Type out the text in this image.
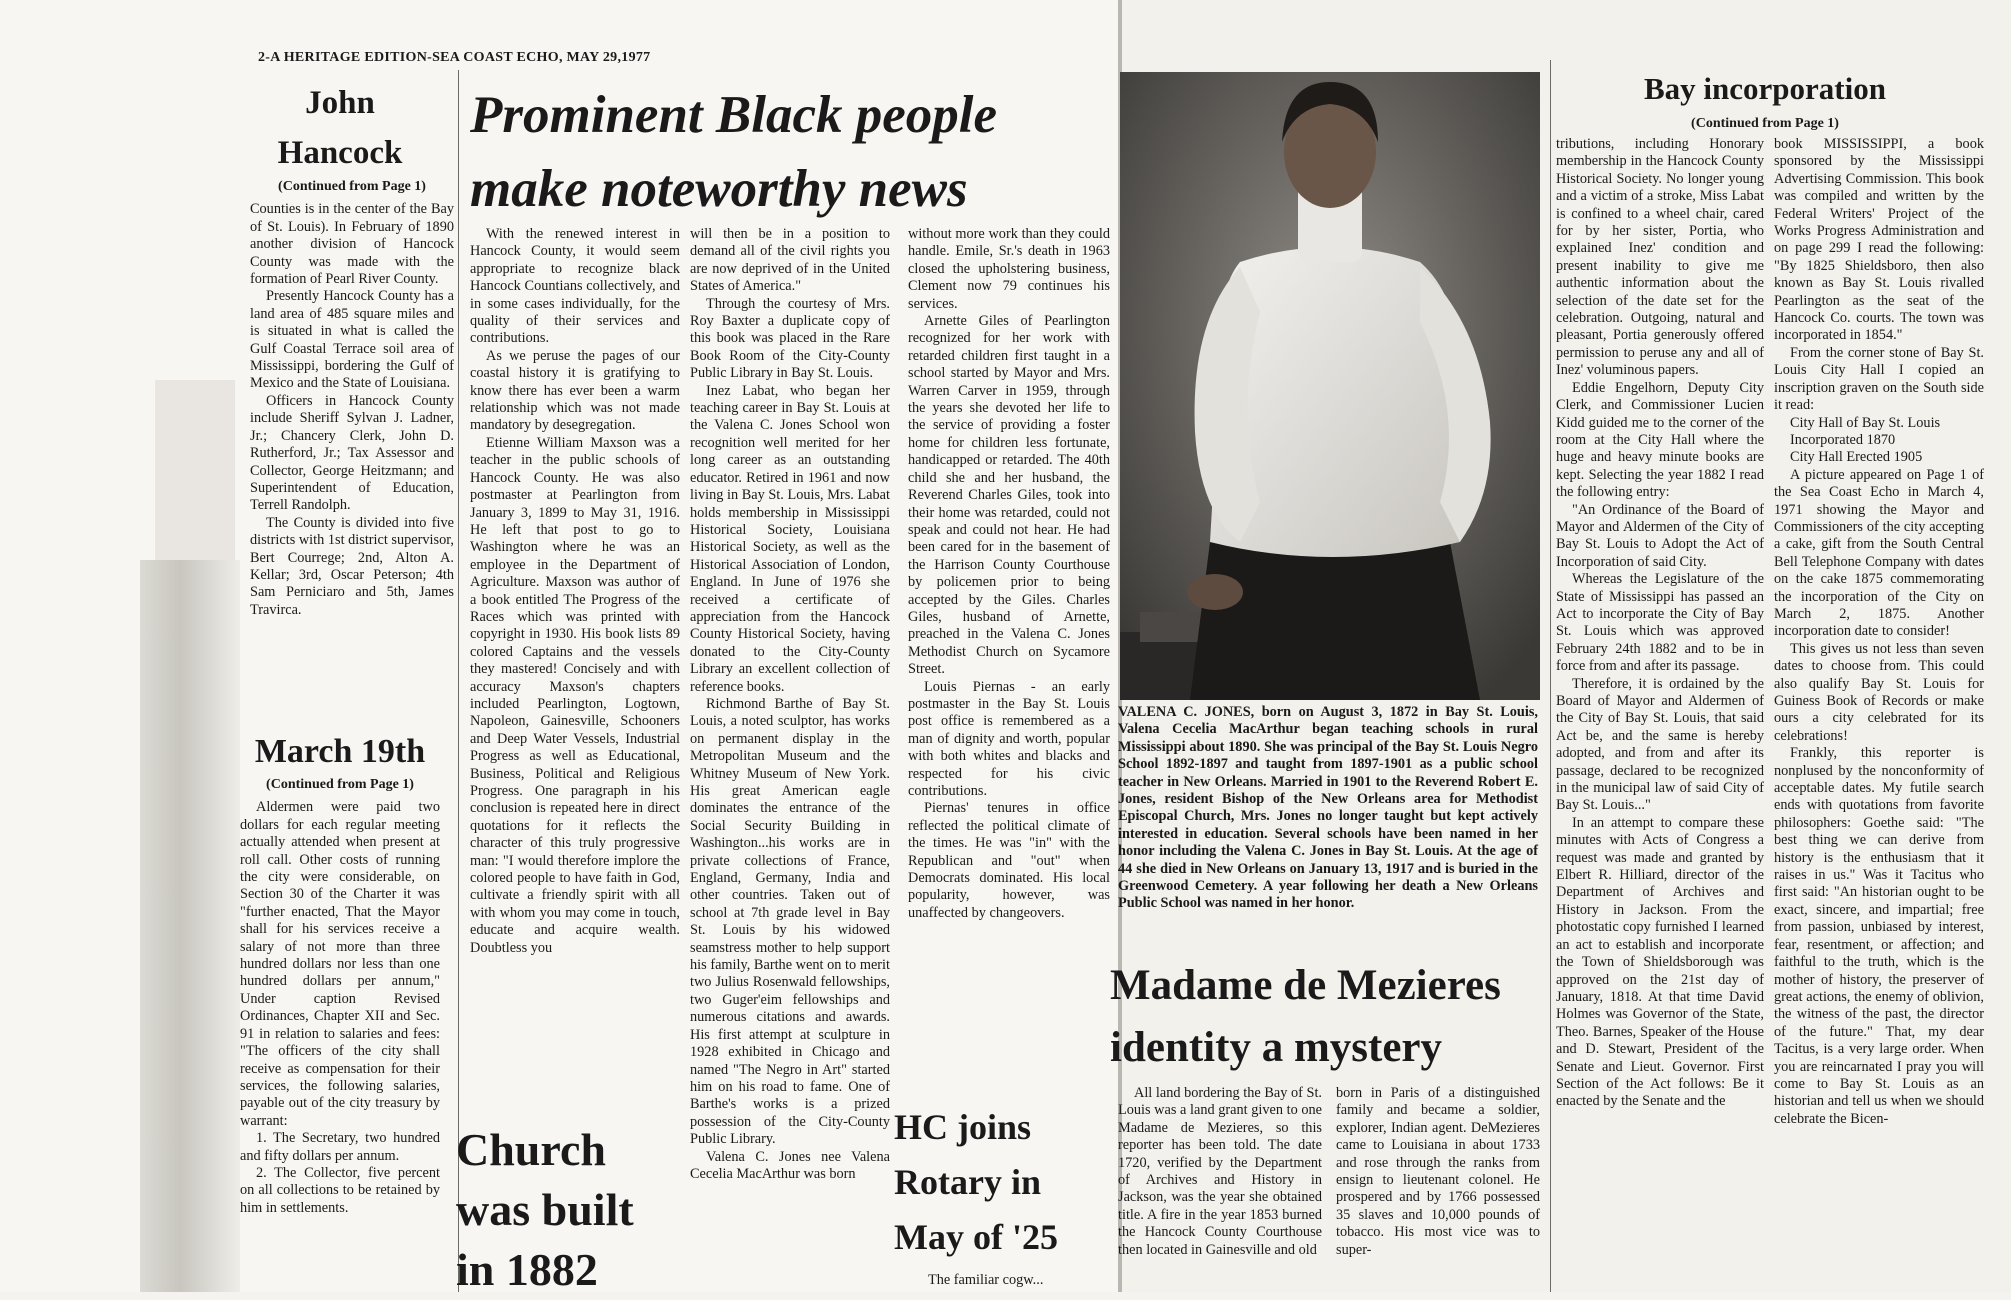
2-A HERITAGE EDITION-SEA COAST ECHO, MAY 29,1977
John Hancock
(Continued from Page 1)

Counties is in the center of the Bay of St. Louis). In February of 1890 another division of Hancock County was made with the formation of Pearl River County.

Presently Hancock County has a land area of 485 square miles and is situated in what is called the Gulf Coastal Terrace soil area of Mississippi, bordering the Gulf of Mexico and the State of Louisiana.

Officers in Hancock County include Sheriff Sylvan J. Ladner, Jr.; Chancery Clerk, John D. Rutherford, Jr.; Tax Assessor and Collector, George Heitzmann; and Superintendent of Education, Terrell Randolph.

The County is divided into five districts with 1st district supervisor, Bert Courrege; 2nd, Alton A. Kellar; 3rd, Oscar Peterson; 4th Sam Perniciaro and 5th, James Travirca.

March 19th
(Continued from Page 1)

Aldermen were paid two dollars for each regular meeting actually attended when present at roll call. Other costs of running the city were considerable, on Section 30 of the Charter it was "further enacted, That the Mayor shall for his services receive a salary of not more than three hundred dollars nor less than one hundred dollars per annum," Under caption Revised Ordinances, Chapter XII and Sec. 91 in relation to salaries and fees: "The officers of the city shall receive as compensation for their services, the following salaries, payable out of the city treasury by warrant:

1. The Secretary, two hundred and fifty dollars per annum.

2. The Collector, five percent on all collections to be retained by him in settlements.

Prominent Black people make noteworthy news

With the renewed interest in Hancock County, it would seem appropriate to recognize black Hancock Countians collectively, and in some cases individually, for the quality of their services and contributions.

As we peruse the pages of our coastal history it is gratifying to know there has ever been a warm relationship which was not made mandatory by desegregation.

Etienne William Maxson was a teacher in the public schools of Hancock County. He was also postmaster at Pearlington from January 3, 1899 to May 31, 1916. He left that post to go to Washington where he was an employee in the Department of Agriculture. Maxson was author of a book entitled The Progress of the Races which was printed with copyright in 1930. His book lists 89 colored Captains and the vessels they mastered! Concisely and with accuracy Maxson's chapters included Pearlington, Logtown, Napoleon, Gainesville, Schooners and Deep Water Vessels, Industrial Progress as well as Educational, Business, Political and Religious Progress. One paragraph in his conclusion is repeated here in direct quotations for it reflects the character of this truly progressive man: "I would therefore implore the colored people to have faith in God, cultivate a friendly spirit with all with whom you may come in touch, educate and acquire wealth. Doubtless you

will then be in a position to demand all of the civil rights you are now deprived of in the United States of America."

Through the courtesy of Mrs. Roy Baxter a duplicate copy of this book was placed in the Rare Book Room of the City-County Public Library in Bay St. Louis.

Inez Labat, who began her teaching career in Bay St. Louis at the Valena C. Jones School won recognition well merited for her long career as an outstanding educator. Retired in 1961 and now living in Bay St. Louis, Mrs. Labat holds membership in Mississippi Historical Society, Louisiana Historical Society, as well as the Historical Association of London, England. In June of 1976 she received a certificate of appreciation from the Hancock County Historical Society, having donated to the City-County Library an excellent collection of reference books.

Richmond Barthe of Bay St. Louis, a noted sculptor, has works on permanent display in the Metropolitan Museum and the Whitney Museum of New York. His great American eagle dominates the entrance of the Social Security Building in Washington...his works are in private collections of France, England, Germany, India and other countries. Taken out of school at 7th grade level in Bay St. Louis by his widowed seamstress mother to help support his family, Barthe went on to merit two Julius Rosenwald fellowships, two Guger'eim fellowships and numerous citations and awards. His first attempt at sculpture in 1928 exhibited in Chicago and named "The Negro in Art" started him on his road to fame. One of Barthe's works is a prized possession of the City-County Public Library.

Valena C. Jones nee Valena Cecelia MacArthur was born

without more work than they could handle. Emile, Sr.'s death in 1963 closed the upholstering business, Clement now 79 continues his services.

Arnette Giles of Pearlington recognized for her work with retarded children first taught in a school started by Mayor and Mrs. Warren Carver in 1959, through the years she devoted her life to the service of providing a foster home for children less fortunate, handicapped or retarded. The 40th child she and her husband, the Reverend Charles Giles, took into their home was retarded, could not speak and could not hear. He had been cared for in the basement of the Harrison County Courthouse by policemen prior to being accepted by the Giles. Charles Giles, husband of Arnette, preached in the Valena C. Jones Methodist Church on Sycamore Street.

Louis Piernas - an early postmaster in the Bay St. Louis post office is remembered as a man of dignity and worth, popular with both whites and blacks and respected for his civic contributions.

Piernas' tenures in office reflected the political climate of the times. He was "in" with the Republican and "out" when Democrats dominated. His local popularity, however, was unaffected by changeovers.

Church was built in 1882
HC joins Rotary in May of '25

The familiar cogw...

VALENA C. JONES, born on August 3, 1872 in Bay St. Louis, Valena Cecelia MacArthur began teaching schools in rural Mississippi about 1890. She was principal of the Bay St. Louis Negro School 1892-1897 and taught from 1897-1901 as a public school teacher in New Orleans. Married in 1901 to the Reverend Robert E. Jones, resident Bishop of the New Orleans area for Methodist Episcopal Church, Mrs. Jones no longer taught but kept actively interested in education. Several schools have been named in her honor including the Valena C. Jones in Bay St. Louis. At the age of 44 she died in New Orleans on January 13, 1917 and is buried in the Greenwood Cemetery. A year following her death a New Orleans Public School was named in her honor.
Madame de Mezieres identity a mystery

All land bordering the Bay of St. Louis was a land grant given to one Madame de Mezieres, so this reporter has been told. The date 1720, verified by the Department of Archives and History in Jackson, was the year she obtained title. A fire in the year 1853 burned the Hancock County Courthouse then located in Gainesville and old

born in Paris of a distinguished family and became a soldier, explorer, Indian agent. DeMezieres came to Louisiana in about 1733 and rose through the ranks from ensign to lieutenant colonel. He prospered and by 1766 possessed 35 slaves and 10,000 pounds of tobacco. His most vice was to super-

Bay incorporation
(Continued from Page 1)

tributions, including Honorary membership in the Hancock County Historical Society. No longer young and a victim of a stroke, Miss Labat is confined to a wheel chair, cared for by her sister, Portia, who explained Inez' condition and present inability to give me authentic information about the selection of the date set for the celebration. Outgoing, natural and pleasant, Portia generously offered permission to peruse any and all of Inez' voluminous papers.

Eddie Engelhorn, Deputy City Clerk, and Commissioner Lucien Kidd guided me to the corner of the room at the City Hall where the huge and heavy minute books are kept. Selecting the year 1882 I read the following entry:

"An Ordinance of the Board of Mayor and Aldermen of the City of Bay St. Louis to Adopt the Act of Incorporation of said City.

Whereas the Legislature of the State of Mississippi has passed an Act to incorporate the City of Bay St. Louis which was approved February 24th 1882 and to be in force from and after its passage.

Therefore, it is ordained by the Board of Mayor and Aldermen of the City of Bay St. Louis, that said Act be, and the same is hereby adopted, and from and after its passage, declared to be recognized in the municipal law of said City of Bay St. Louis..."

In an attempt to compare these minutes with Acts of Congress a request was made and granted by Elbert R. Hilliard, director of the Department of Archives and History in Jackson. From the photostatic copy furnished I learned an act to establish and incorporate the Town of Shieldsborough was approved on the 21st day of January, 1818. At that time David Holmes was Governor of the State, Theo. Barnes, Speaker of the House and D. Stewart, President of the Senate and Lieut. Governor. First Section of the Act follows: Be it enacted by the Senate and the

book MISSISSIPPI, a book sponsored by the Mississippi Advertising Commission. This book was compiled and written by the Federal Writers' Project of the Works Progress Administration and on page 299 I read the following: "By 1825 Shieldsboro, then also known as Bay St. Louis rivalled Pearlington as the seat of the Hancock Co. courts. The town was incorporated in 1854."

From the corner stone of Bay St. Louis City Hall I copied an inscription graven on the South side it read:

City Hall of Bay St. Louis

Incorporated 1870

City Hall Erected 1905

A picture appeared on Page 1 of the Sea Coast Echo in March 4, 1971 showing the Mayor and Commissioners of the city accepting a cake, gift from the South Central Bell Telephone Company with dates on the cake 1875 commemorating the incorporation of the City on March 2, 1875. Another incorporation date to consider!

This gives us not less than seven dates to choose from. This could also qualify Bay St. Louis for Guiness Book of Records or make ours a city celebrated for its celebrations!

Frankly, this reporter is nonplused by the nonconformity of acceptable dates. My futile search ends with quotations from favorite philosophers: Goethe said: "The best thing we can derive from history is the enthusiasm that it raises in us." Was it Tacitus who first said: "An historian ought to be exact, sincere, and impartial; free from passion, unbiased by interest, fear, resentment, or affection; and faithful to the truth, which is the mother of history, the preserver of great actions, the enemy of oblivion, the witness of the past, the director of the future." That, my dear Tacitus, is a very large order. When you are reincarnated I pray you will come to Bay St. Louis as an historian and tell us when we should celebrate the Bicen-
